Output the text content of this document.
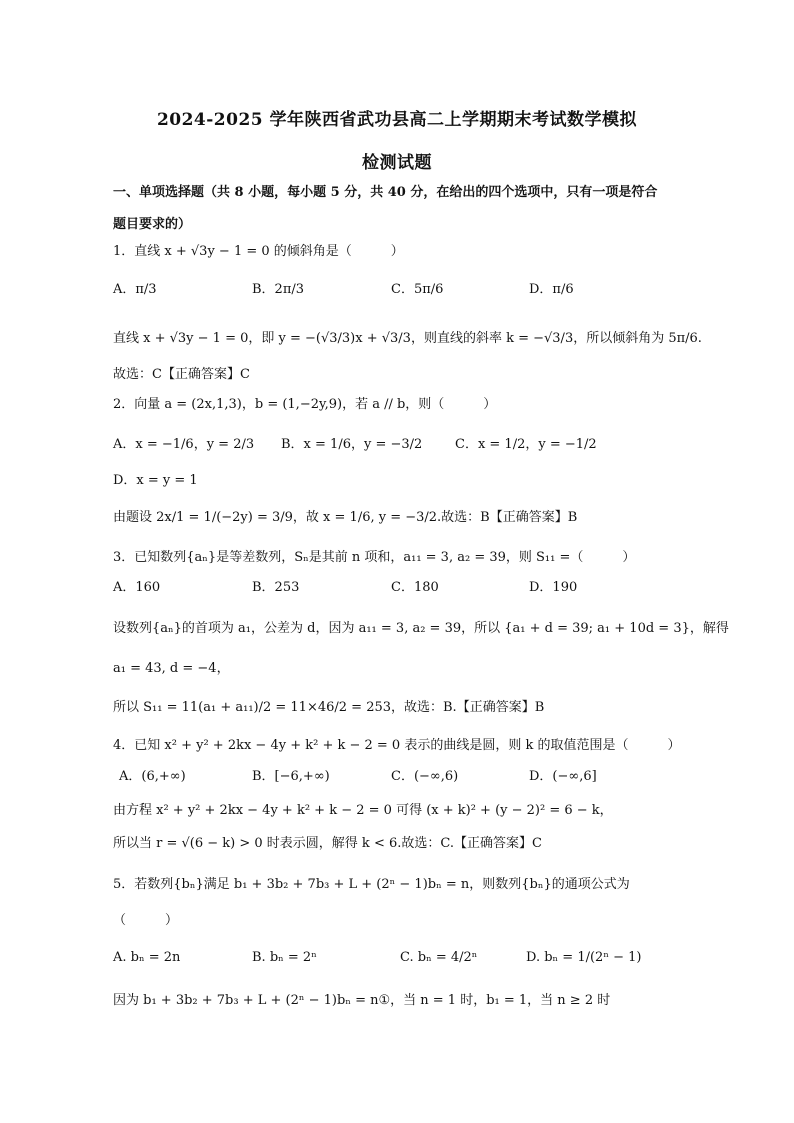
2024-2025 学年陕西省武功县高二上学期期末考试数学模拟
检测试题
一、单项选择题（共 8 小题，每小题 5 分，共 40 分，在给出的四个选项中，只有一项是符合
题目要求的）
1．直线 x + √3y − 1 = 0 的倾斜角是（　　　）
A．π/3	B．2π/3	C．5π/6	D．π/6
直线 x + √3y − 1 = 0，即 y = −(√3/3)x + √3/3，则直线的斜率 k = −√3/3，所以倾斜角为 5π/6.
故选：C【正确答案】C
2．向量 a = (2x,1,3)，b = (1,−2y,9)，若 a // b，则（　　　）
A．x = −1/6，y = 2/3 B．x = 1/6，y = −3/2	C．x = 1/2，y = −1/2
D．x = y = 1
由题设 2x/1 = 1/(−2y) = 3/9，故 x = 1/6, y = −3/2.故选：B【正确答案】B
3．已知数列{aₙ}是等差数列，Sₙ是其前 n 项和，a₁₁ = 3, a₂ = 39，则 S₁₁ =（　　　）
A．160	B．253	C．180	D．190
设数列{aₙ}的首项为 a₁，公差为 d，因为 a₁₁ = 3, a₂ = 39，所以 {a₁ + d = 39; a₁ + 10d = 3}，解得
a₁ = 43, d = −4，
所以 S₁₁ = 11(a₁ + a₁₁)/2 = 11×46/2 = 253，故选：B.【正确答案】B
4．已知 x² + y² + 2kx − 4y + k² + k − 2 = 0 表示的曲线是圆，则 k 的取值范围是（　　　）
A．(6,+∞)	B．[−6,+∞)	C．(−∞,6)	D．(−∞,6]
由方程 x² + y² + 2kx − 4y + k² + k − 2 = 0 可得 (x + k)² + (y − 2)² = 6 − k，
所以当 r = √(6 − k) > 0 时表示圆，解得 k < 6.故选：C.【正确答案】C
5．若数列{bₙ}满足 b₁ + 3b₂ + 7b₃ + L + (2ⁿ − 1)bₙ = n，则数列{bₙ}的通项公式为
（　　　）
A. bₙ = 2n	B. bₙ = 2ⁿ	C. bₙ = 4/2ⁿ	D. bₙ = 1/(2ⁿ − 1)
因为 b₁ + 3b₂ + 7b₃ + L + (2ⁿ − 1)bₙ = n①，当 n = 1 时，b₁ = 1，当 n ≥ 2 时
